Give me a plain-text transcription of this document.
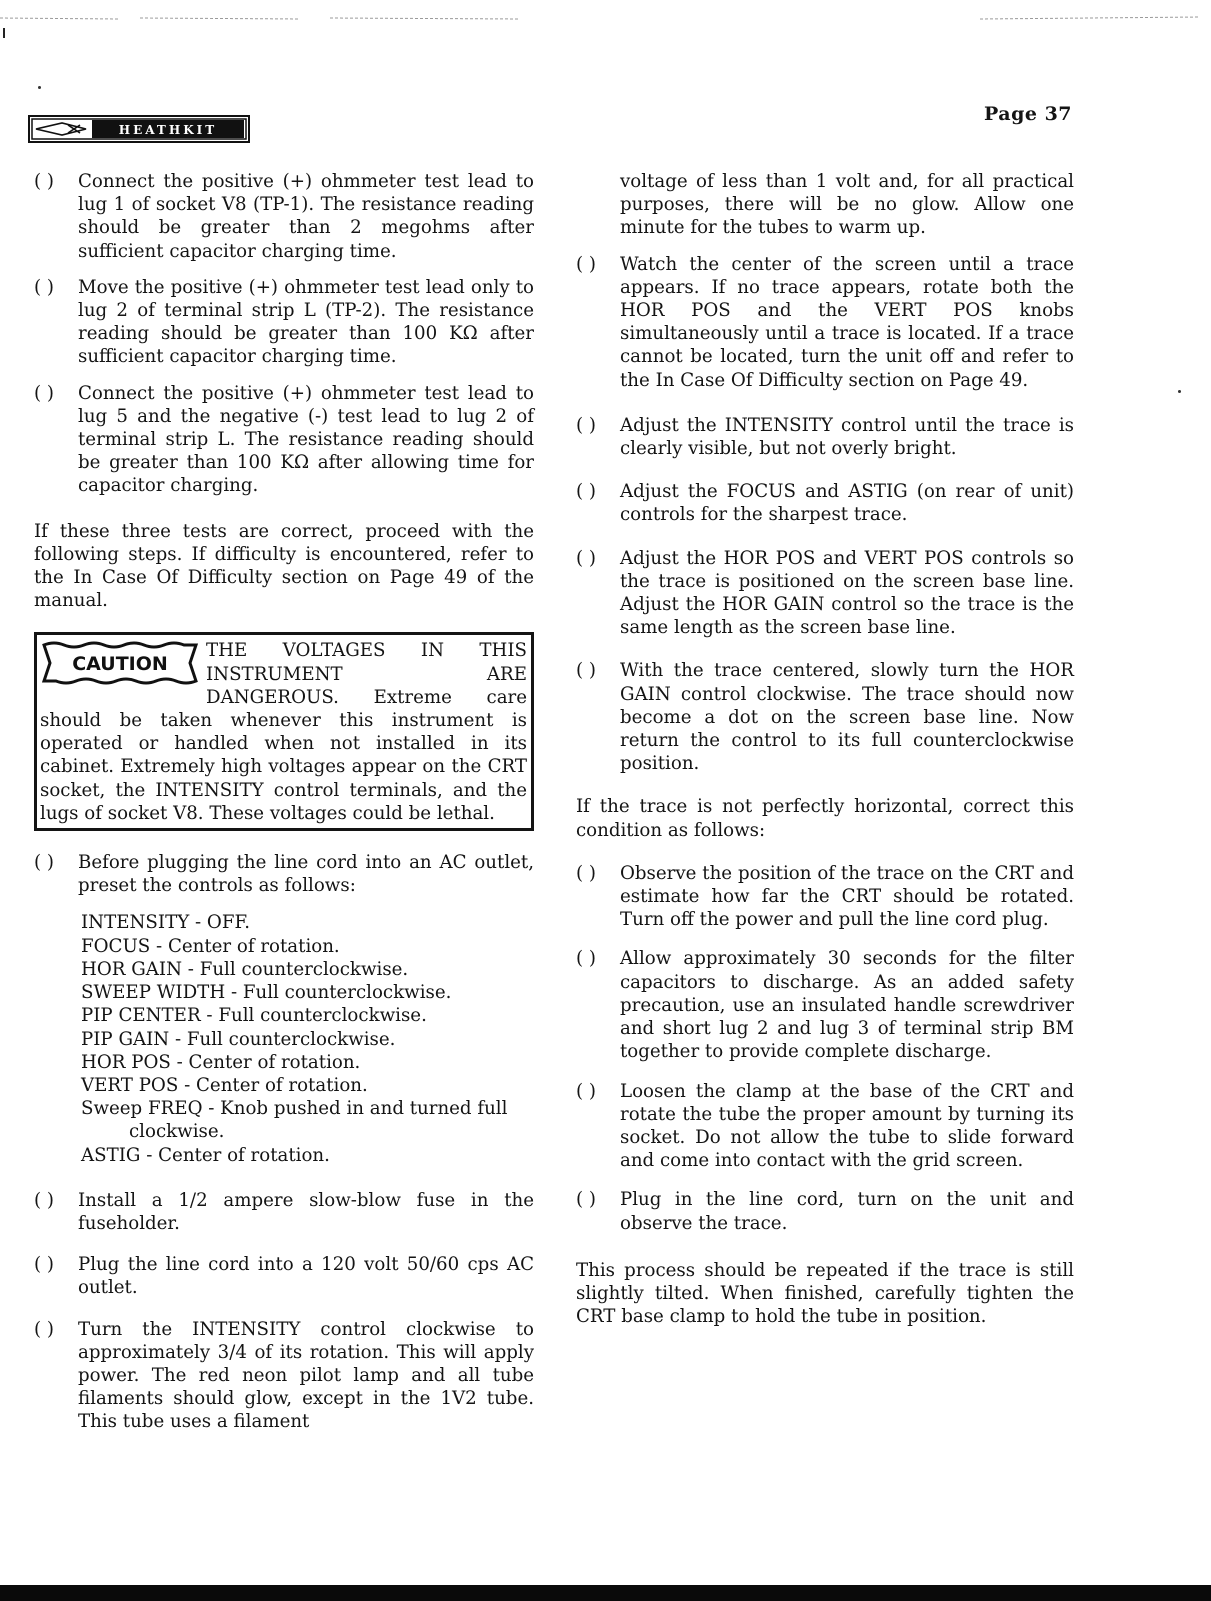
HEATHKIT
Page 37
( ) Connect the positive (+) ohmmeter test lead to lug 1 of socket V8 (TP-1). The resistance reading should be greater than 2 megohms after sufficient capacitor charging time.
( ) Move the positive (+) ohmmeter test lead only to lug 2 of terminal strip L (TP-2). The resistance reading should be greater than 100 KΩ after sufficient capacitor charging time.
( ) Connect the positive (+) ohmmeter test lead to lug 5 and the negative (-) test lead to lug 2 of terminal strip L. The resistance reading should be greater than 100 KΩ after allowing time for capacitor charging.

If these three tests are correct, proceed with the following steps. If difficulty is encountered, refer to the In Case Of Difficulty section on Page 49 of the manual.

CAUTION
THE VOLTAGES IN THIS INSTRUMENT ARE DANGEROUS. Extreme care should be taken whenever this instrument is operated or handled when not installed in its cabinet. Extremely high voltages appear on the CRT socket, the INTENSITY control terminals, and the lugs of socket V8. These voltages could be lethal.
( ) Before plugging the line cord into an AC outlet, preset the controls as follows:
INTENSITY - OFF.
FOCUS - Center of rotation.
HOR GAIN - Full counterclockwise.
SWEEP WIDTH - Full counterclockwise.
PIP CENTER - Full counterclockwise.
PIP GAIN - Full counterclockwise.
HOR POS - Center of rotation.
VERT POS - Center of rotation.
Sweep FREQ - Knob pushed in and turned full clockwise.
ASTIG - Center of rotation.
( ) Install a 1/2 ampere slow-blow fuse in the fuseholder.
( ) Plug the line cord into a 120 volt 50/60 cps AC outlet.
( ) Turn the INTENSITY control clockwise to approximately 3/4 of its rotation. This will apply power. The red neon pilot lamp and all tube filaments should glow, except in the 1V2 tube. This tube uses a filament
voltage of less than 1 volt and, for all practical purposes, there will be no glow. Allow one minute for the tubes to warm up.
( ) Watch the center of the screen until a trace appears. If no trace appears, rotate both the HOR POS and the VERT POS knobs simultaneously until a trace is located. If a trace cannot be located, turn the unit off and refer to the In Case Of Difficulty section on Page 49.
( ) Adjust the INTENSITY control until the trace is clearly visible, but not overly bright.
( ) Adjust the FOCUS and ASTIG (on rear of unit) controls for the sharpest trace.
( ) Adjust the HOR POS and VERT POS controls so the trace is positioned on the screen base line. Adjust the HOR GAIN control so the trace is the same length as the screen base line.
( ) With the trace centered, slowly turn the HOR GAIN control clockwise. The trace should now become a dot on the screen base line. Now return the control to its full counterclockwise position.

If the trace is not perfectly horizontal, correct this condition as follows:

( ) Observe the position of the trace on the CRT and estimate how far the CRT should be rotated. Turn off the power and pull the line cord plug.
( ) Allow approximately 30 seconds for the filter capacitors to discharge. As an added safety precaution, use an insulated handle screwdriver and short lug 2 and lug 3 of terminal strip BM together to provide complete discharge.
( ) Loosen the clamp at the base of the CRT and rotate the tube the proper amount by turning its socket. Do not allow the tube to slide forward and come into contact with the grid screen.
( ) Plug in the line cord, turn on the unit and observe the trace.

This process should be repeated if the trace is still slightly tilted. When finished, carefully tighten the CRT base clamp to hold the tube in position.
